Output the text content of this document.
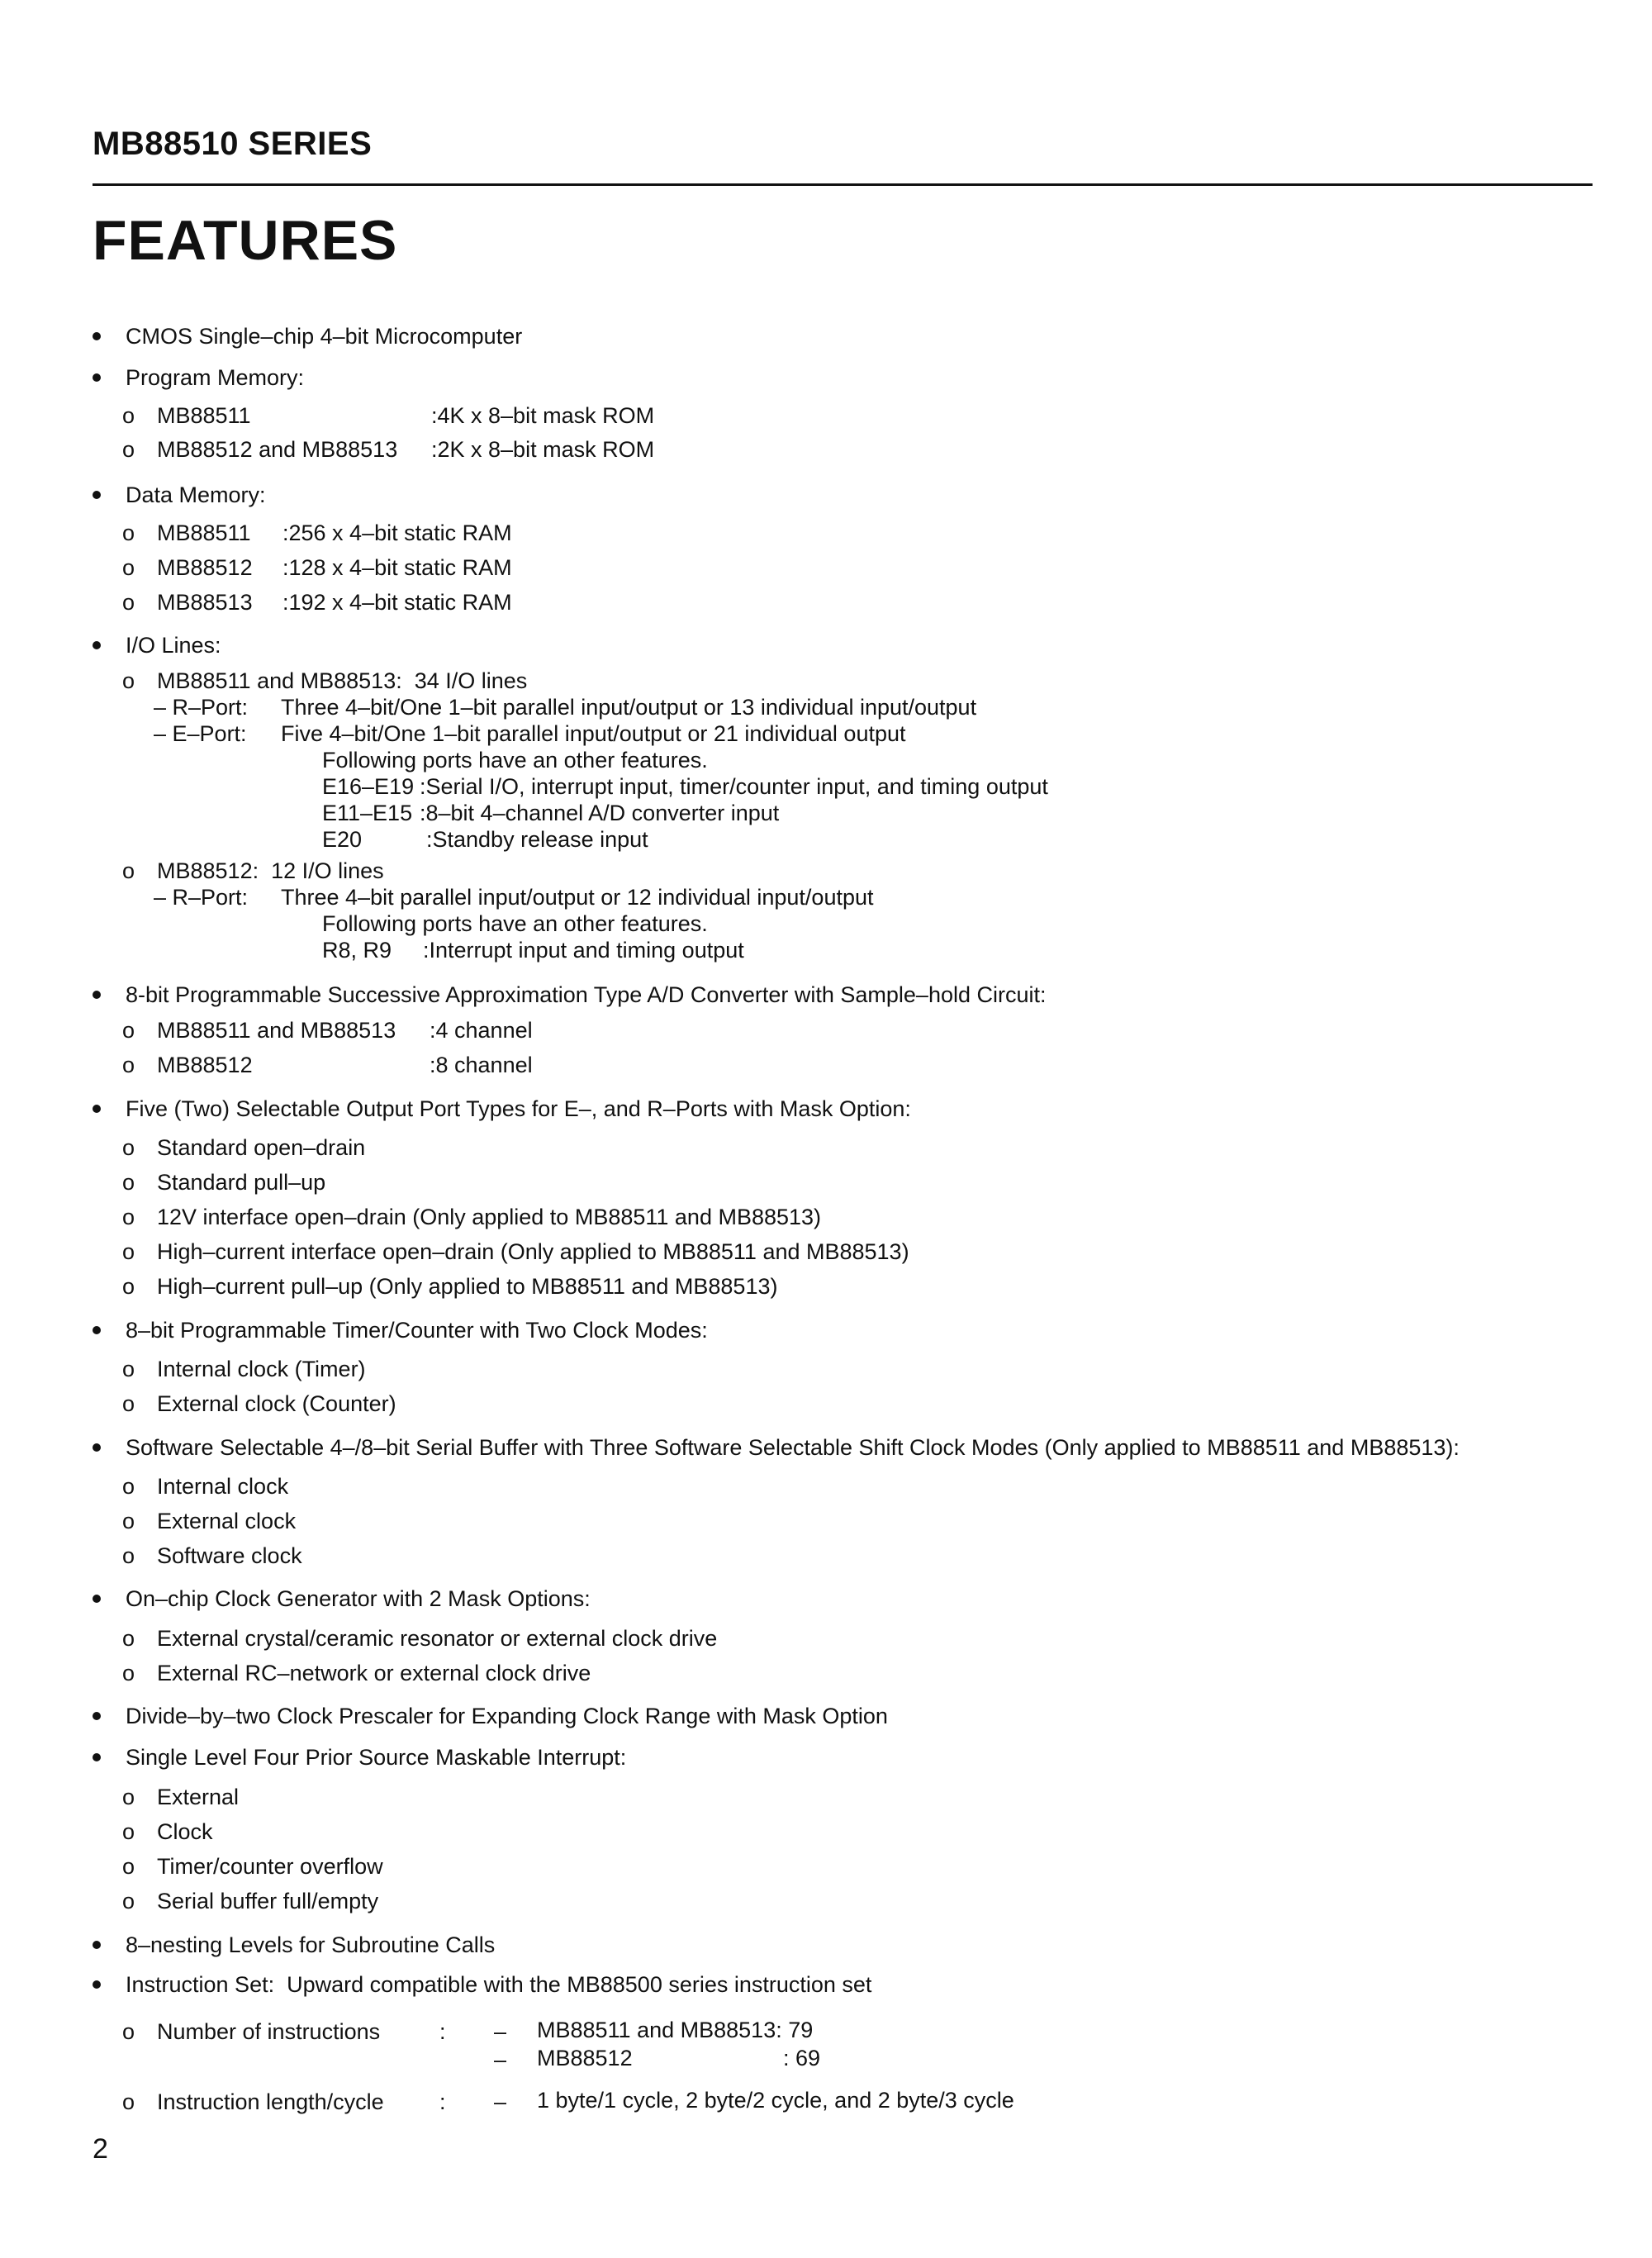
MB88510 SERIES
FEATURES
CMOS Single–chip 4–bit Microcomputer
Program Memory:
o MB88511	:4K x 8–bit mask ROM
o MB88512 and MB88513 :2K x 8–bit mask ROM
Data Memory:
o MB88511 :256 x 4–bit static RAM
o MB88512 :128 x 4–bit static RAM
o MB88513 :192 x 4–bit static RAM
I/O Lines:
o MB88511 and MB88513:  34 I/O lines
– R–Port: Three 4–bit/One 1–bit parallel input/output or 13 individual input/output
– E–Port: Five 4–bit/One 1–bit parallel input/output or 21 individual output
Following ports have an other features.
E16–E19 :Serial I/O, interrupt input, timer/counter input, and timing output
E11–E15 :8–bit 4–channel A/D converter input
E20	:Standby release input
o MB88512:  12 I/O lines
– R–Port: Three 4–bit parallel input/output or 12 individual input/output
Following ports have an other features.
R8, R9 :Interrupt input and timing output
8-bit Programmable Successive Approximation Type A/D Converter with Sample–hold Circuit:
o MB88511 and MB88513 :4 channel
o MB88512	:8 channel
Five (Two) Selectable Output Port Types for E–, and R–Ports with Mask Option:
o Standard open–drain
o Standard pull–up
o 12V interface open–drain (Only applied to MB88511 and MB88513)
o High–current interface open–drain (Only applied to MB88511 and MB88513)
o High–current pull–up (Only applied to MB88511 and MB88513)
8–bit Programmable Timer/Counter with Two Clock Modes:
o Internal clock (Timer)
o External clock (Counter)
Software Selectable 4–/8–bit Serial Buffer with Three Software Selectable Shift Clock Modes (Only applied to MB88511 and MB88513):
o Internal clock
o External clock
o Software clock
On–chip Clock Generator with 2 Mask Options:
o External crystal/ceramic resonator or external clock drive
o External RC–network or external clock drive
Divide–by–two Clock Prescaler for Expanding Clock Range with Mask Option
Single Level Four Prior Source Maskable Interrupt:
o External
o Clock
o Timer/counter overflow
o Serial buffer full/empty
8–nesting Levels for Subroutine Calls
Instruction Set:  Upward compatible with the MB88500 series instruction set
o Number of instructions	: – MB88511 and MB88513: 79
– MB88512	: 69
o Instruction length/cycle : – 1 byte/1 cycle, 2 byte/2 cycle, and 2 byte/3 cycle
2
